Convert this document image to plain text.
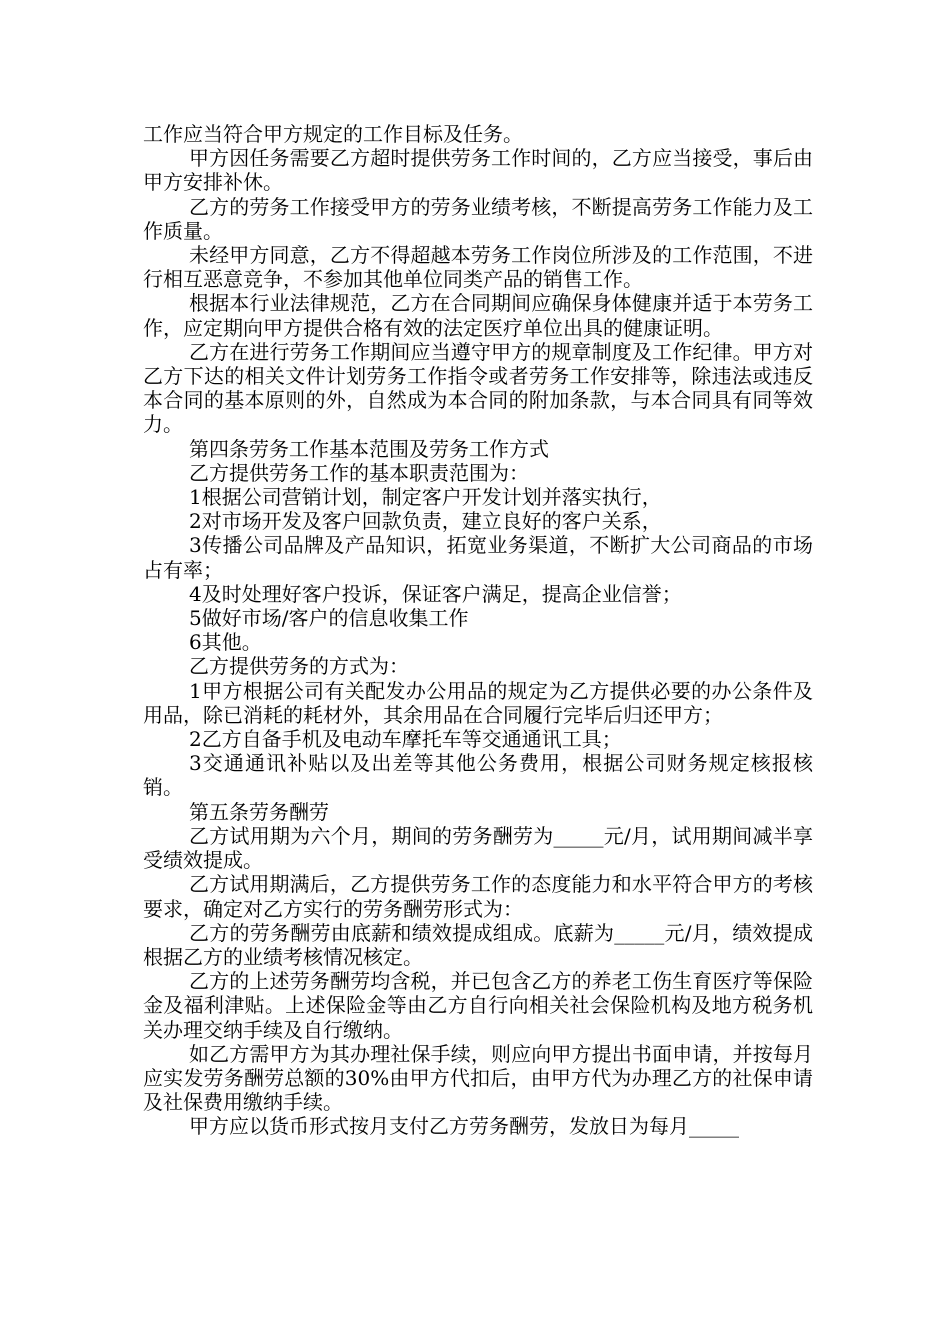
工作应当符合甲方规定的工作目标及任务。

甲方因任务需要乙方超时提供劳务工作时间的，乙方应当接受，事后由甲方安排补休。

乙方的劳务工作接受甲方的劳务业绩考核，不断提高劳务工作能力及工作质量。

未经甲方同意，乙方不得超越本劳务工作岗位所涉及的工作范围，不进行相互恶意竞争，不参加其他单位同类产品的销售工作。

根据本行业法律规范，乙方在合同期间应确保身体健康并适于本劳务工作，应定期向甲方提供合格有效的法定医疗单位出具的健康证明。

乙方在进行劳务工作期间应当遵守甲方的规章制度及工作纪律。甲方对乙方下达的相关文件计划劳务工作指令或者劳务工作安排等，除违法或违反本合同的基本原则的外，自然成为本合同的附加条款，与本合同具有同等效力。

第四条劳务工作基本范围及劳务工作方式

乙方提供劳务工作的基本职责范围为：

1根据公司营销计划，制定客户开发计划并落实执行，

2对市场开发及客户回款负责，建立良好的客户关系，

3传播公司品牌及产品知识，拓宽业务渠道，不断扩大公司商品的市场占有率；

4及时处理好客户投诉，保证客户满足，提高企业信誉；

5做好市场/客户的信息收集工作

6其他。

乙方提供劳务的方式为：

1甲方根据公司有关配发办公用品的规定为乙方提供必要的办公条件及用品，除已消耗的耗材外，其余用品在合同履行完毕后归还甲方；

2乙方自备手机及电动车摩托车等交通通讯工具；

3交通通讯补贴以及出差等其他公务费用，根据公司财务规定核报核销。

第五条劳务酬劳

乙方试用期为六个月，期间的劳务酬劳为_____元/月，试用期间减半享受绩效提成。

乙方试用期满后，乙方提供劳务工作的态度能力和水平符合甲方的考核要求，确定对乙方实行的劳务酬劳形式为：

乙方的劳务酬劳由底薪和绩效提成组成。底薪为_____元/月，绩效提成根据乙方的业绩考核情况核定。

乙方的上述劳务酬劳均含税，并已包含乙方的养老工伤生育医疗等保险金及福利津贴。上述保险金等由乙方自行向相关社会保险机构及地方税务机关办理交纳手续及自行缴纳。

如乙方需甲方为其办理社保手续，则应向甲方提出书面申请，并按每月应实发劳务酬劳总额的30%由甲方代扣后，由甲方代为办理乙方的社保申请及社保费用缴纳手续。

甲方应以货币形式按月支付乙方劳务酬劳，发放日为每月_____
